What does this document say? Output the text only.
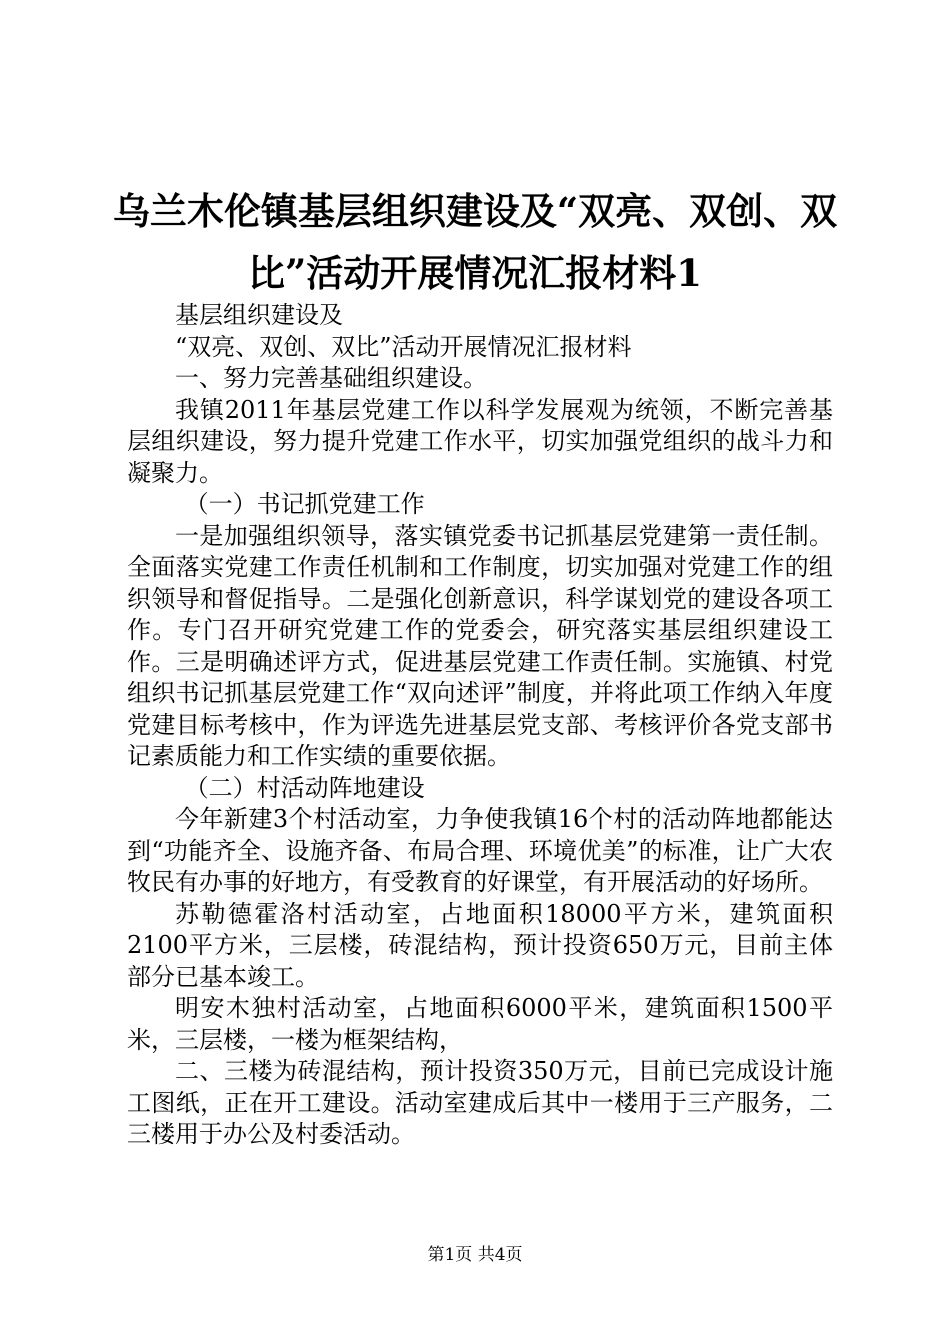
乌兰木伦镇基层组织建设及“双亮、双创、双
比”活动开展情况汇报材料1

基层组织建设及

“双亮、双创、双比”活动开展情况汇报材料

一、努力完善基础组织建设。

我镇2011年基层党建工作以科学发展观为统领，不断完善基层组织建设，努力提升党建工作水平，切实加强党组织的战斗力和凝聚力。

（一）书记抓党建工作

一是加强组织领导，落实镇党委书记抓基层党建第一责任制。全面落实党建工作责任机制和工作制度，切实加强对党建工作的组织领导和督促指导。二是强化创新意识，科学谋划党的建设各项工作。专门召开研究党建工作的党委会，研究落实基层组织建设工作。三是明确述评方式，促进基层党建工作责任制。实施镇、村党组织书记抓基层党建工作“双向述评”制度，并将此项工作纳入年度党建目标考核中，作为评选先进基层党支部、考核评价各党支部书记素质能力和工作实绩的重要依据。

（二）村活动阵地建设

今年新建3个村活动室，力争使我镇16个村的活动阵地都能达到“功能齐全、设施齐备、布局合理、环境优美”的标准，让广大农牧民有办事的好地方，有受教育的好课堂，有开展活动的好场所。

苏勒德霍洛村活动室，占地面积18000平方米，建筑面积2100平方米，三层楼，砖混结构，预计投资650万元，目前主体部分已基本竣工。

明安木独村活动室，占地面积6000平米，建筑面积1500平米，三层楼，一楼为框架结构，

二、三楼为砖混结构，预计投资350万元，目前已完成设计施工图纸，正在开工建设。活动室建成后其中一楼用于三产服务，二三楼用于办公及村委活动。

第1页 共4页
